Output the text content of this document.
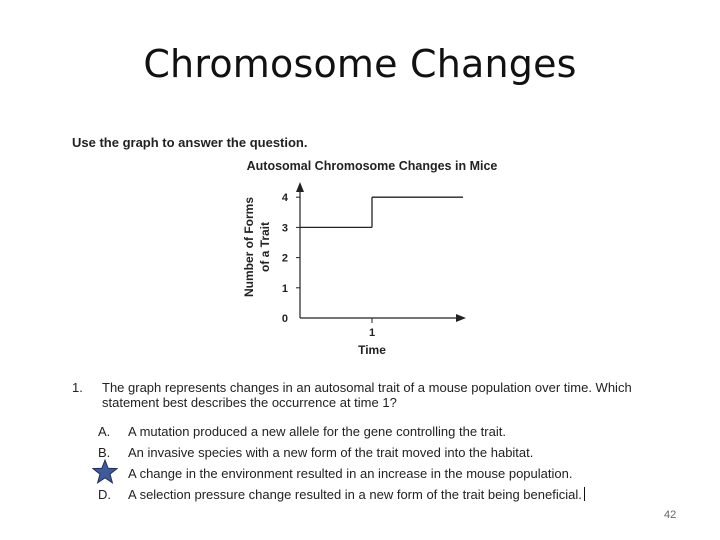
Chromosome Changes
Use the graph to answer the question.
Autosomal Chromosome Changes in Mice
0
1
2
3
4
1
Time
Number of Forms of a Trait
1. The graph represents changes in an autosomal trait of a mouse population over time. Which statement best describes the occurrence at time 1?
A. A mutation produced a new allele for the gene controlling the trait.
B. An invasive species with a new form of the trait moved into the habitat.
A change in the environment resulted in an increase in the mouse population.
D. A selection pressure change resulted in a new form of the trait being beneficial.
42
